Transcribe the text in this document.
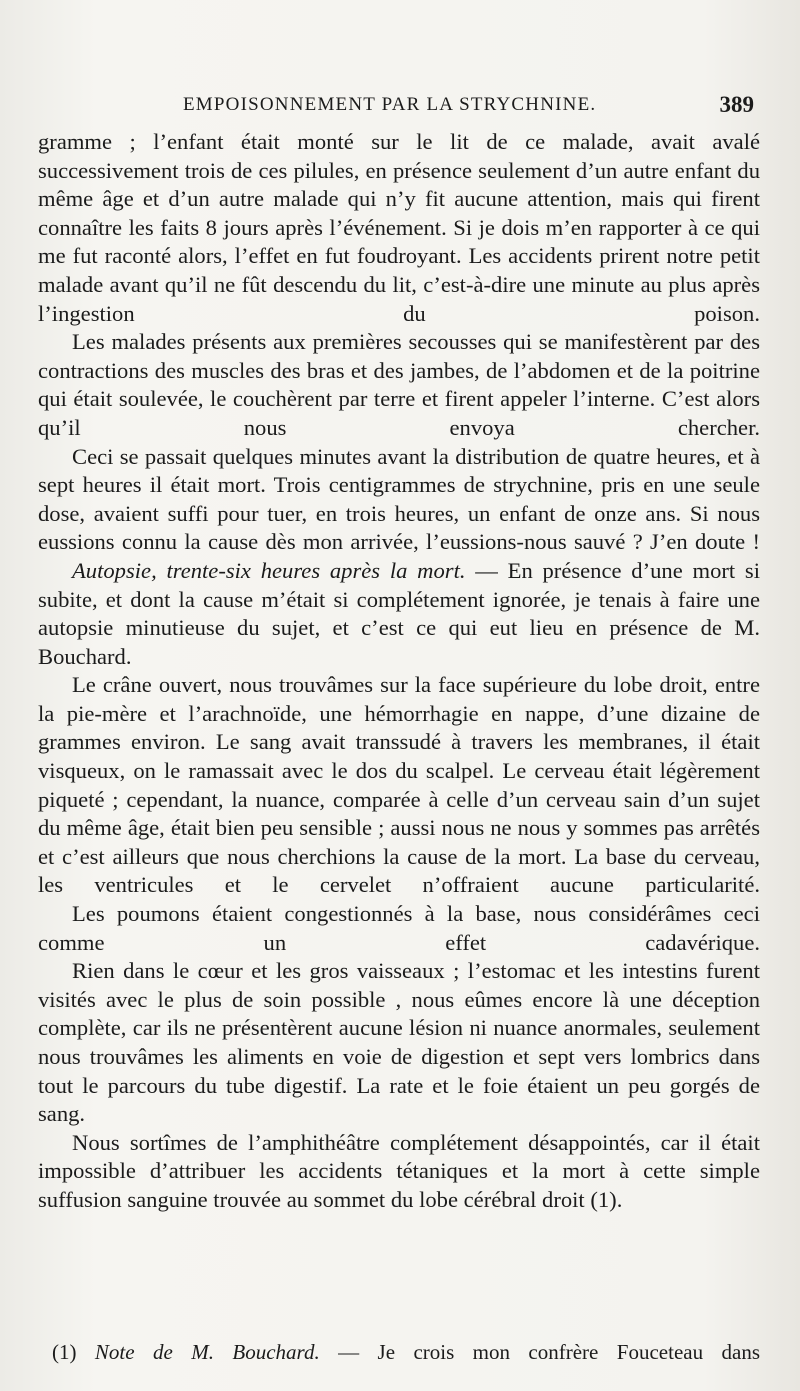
EMPOISONNEMENT PAR LA STRYCHNINE.	389

gramme ; l’enfant était monté sur le lit de ce malade, avait avalé successivement trois de ces pilules, en présence seulement d’un autre enfant du même âge et d’un autre malade qui n’y fit aucune attention, mais qui firent connaître les faits 8 jours après l’événement. Si je dois m’en rapporter à ce qui me fut raconté alors, l’effet en fut foudroyant. Les accidents prirent notre petit malade avant qu’il ne fût descendu du lit, c’est-à-dire une minute au plus après l’ingestion du poison.

Les malades présents aux premières secousses qui se manifestèrent par des contractions des muscles des bras et des jambes, de l’abdomen et de la poitrine qui était soulevée, le couchèrent par terre et firent appeler l’interne. C’est alors qu’il nous envoya chercher.

Ceci se passait quelques minutes avant la distribution de quatre heures, et à sept heures il était mort. Trois centigrammes de strychnine, pris en une seule dose, avaient suffi pour tuer, en trois heures, un enfant de onze ans. Si nous eussions connu la cause dès mon arrivée, l’eussions-nous sauvé ? J’en doute !

Autopsie, trente-six heures après la mort. — En présence d’une mort si subite, et dont la cause m’était si complétement ignorée, je tenais à faire une autopsie minutieuse du sujet, et c’est ce qui eut lieu en présence de M. Bouchard.

Le crâne ouvert, nous trouvâmes sur la face supérieure du lobe droit, entre la pie-mère et l’arachnoïde, une hémorrhagie en nappe, d’une dizaine de grammes environ. Le sang avait transsudé à travers les membranes, il était visqueux, on le ramassait avec le dos du scalpel. Le cerveau était légèrement piqueté ; cependant, la nuance, comparée à celle d’un cerveau sain d’un sujet du même âge, était bien peu sensible ; aussi nous ne nous y sommes pas arrêtés et c’est ailleurs que nous cherchions la cause de la mort. La base du cerveau, les ventricules et le cervelet n’offraient aucune particularité.

Les poumons étaient congestionnés à la base, nous considérâmes ceci comme un effet cadavérique.

Rien dans le cœur et les gros vaisseaux ; l’estomac et les intestins furent visités avec le plus de soin possible , nous eûmes encore là une déception complète, car ils ne présentèrent aucune lésion ni nuance anormales, seulement nous trouvâmes les aliments en voie de digestion et sept vers lombrics dans tout le parcours du tube digestif. La rate et le foie étaient un peu gorgés de sang.

Nous sortîmes de l’amphithéâtre complétement désappointés, car il était impossible d’attribuer les accidents tétaniques et la mort à cette simple suffusion sanguine trouvée au sommet du lobe cérébral droit (1).

(1) Note de M. Bouchard. — Je crois mon confrère Fouceteau dans
